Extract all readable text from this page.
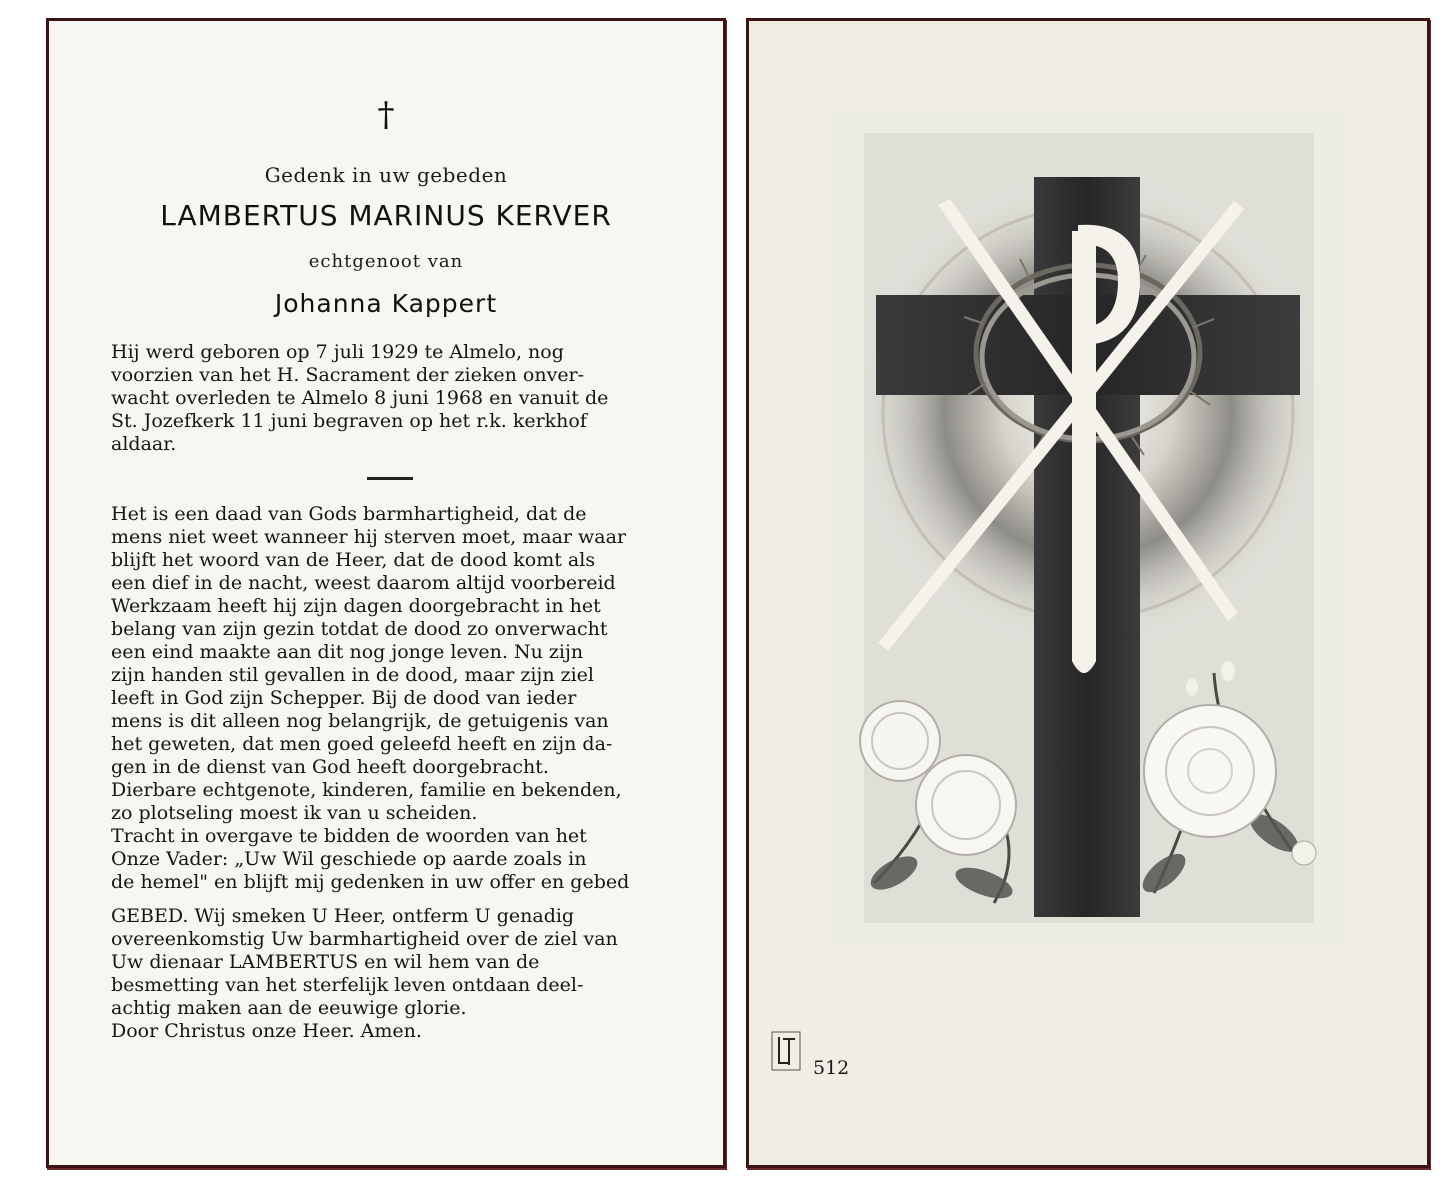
†
Gedenk in uw gebeden
LAMBERTUS MARINUS KERVER
echtgenoot van
Johanna Kappert
Hij werd geboren op 7 juli 1929 te Almelo, nog
voorzien van het H. Sacrament der zieken onver-
wacht overleden te Almelo 8 juni 1968 en vanuit de
St. Jozefkerk 11 juni begraven op het r.k. kerkhof
aldaar.
Het is een daad van Gods barmhartigheid, dat de
mens niet weet wanneer hij sterven moet, maar waar
blijft het woord van de Heer, dat de dood komt als
een dief in de nacht, weest daarom altijd voorbereid
Werkzaam heeft hij zijn dagen doorgebracht in het
belang van zijn gezin totdat de dood zo onverwacht
een eind maakte aan dit nog jonge leven. Nu zijn
zijn handen stil gevallen in de dood, maar zijn ziel
leeft in God zijn Schepper. Bij de dood van ieder
mens is dit alleen nog belangrijk, de getuigenis van
het geweten, dat men goed geleefd heeft en zijn da-
gen in de dienst van God heeft doorgebracht.
Dierbare echtgenote, kinderen, familie en bekenden,
zo plotseling moest ik van u scheiden.
Tracht in overgave te bidden de woorden van het
Onze Vader: „Uw Wil geschiede op aarde zoals in
de hemel" en blijft mij gedenken in uw offer en gebed
GEBED. Wij smeken U Heer, ontferm U genadig
overeenkomstig Uw barmhartigheid over de ziel van
Uw dienaar LAMBERTUS en wil hem van de
besmetting van het sterfelijk leven ontdaan deel-
achtig maken aan de eeuwige glorie.
Door Christus onze Heer. Amen.
512
